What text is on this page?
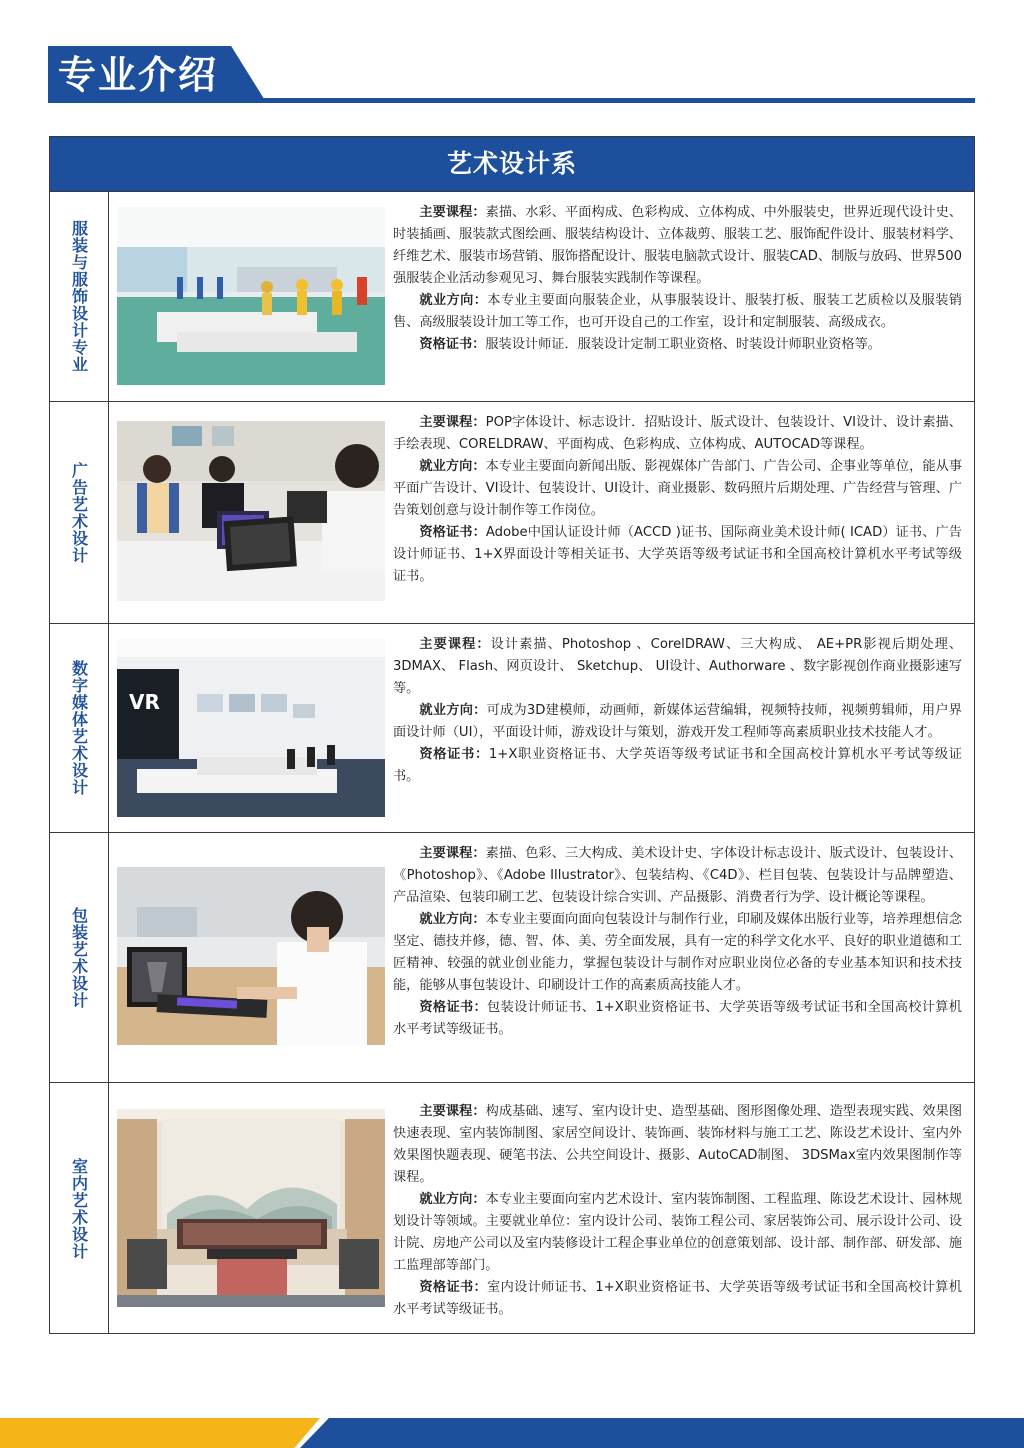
专业介绍
艺术设计系
服装与服饰设计专业

主要课程：素描、水彩、平面构成、色彩构成、立体构成、中外服装史，世界近现代设计史、时装插画、服装款式图绘画、服装结构设计、立体裁剪、服装工艺、服饰配件设计、服装材料学、纤维艺术、服装市场营销、服饰搭配设计、服装电脑款式设计、服装CAD、制版与放码、世界500强服装企业活动参观见习、舞台服装实践制作等课程。

就业方向：本专业主要面向服装企业，从事服装设计、服装打板、服装工艺质检以及服装销售、高级服装设计加工等工作，也可开设自己的工作室，设计和定制服装、高级成衣。

资格证书：服装设计师证．服装设计定制工职业资格、时装设计师职业资格等。

广告艺术设计

主要课程：POP字体设计、标志设计．招贴设计、版式设计、包装设计、VI设计、设计素描、手绘表现、CORELDRAW、平面构成、色彩构成、立体构成、AUTOCAD等课程。

就业方向：本专业主要面向新闻出版、影视媒体广告部门、广告公司、企事业等单位，能从事平面广告设计、VI设计、包装设计、UI设计、商业摄影、数码照片后期处理、广告经营与管理、广告策划创意与设计制作等工作岗位。

资格证书：Adobe中国认证设计师（ACCD )证书、国际商业美术设计师( ICAD）证书、广告设计师证书、1+X界面设计等相关证书、大学英语等级考试证书和全国高校计算机水平考试等级证书。

数字媒体艺术设计 VR

主要课程：设计素描、Photoshop 、CorelDRAW、三大构成、 AE+PR影视后期处理、3DMAX、 Flash、网页设计、 Sketchup、 UI设计、Authorware 、数字影视创作商业摄影速写等。

就业方向：可成为3D建模师，动画师，新媒体运营编辑，视频特技师，视频剪辑师，用户界面设计师（UI），平面设计师，游戏设计与策划，游戏开发工程师等高素质职业技术技能人才。

资格证书：1+X职业资格证书、大学英语等级考试证书和全国高校计算机水平考试等级证书。

包装艺术设计

主要课程：素描、色彩、三大构成、美术设计史、字体设计标志设计、版式设计、包装设计、《Photoshop》、《Adobe Illustrator》、包装结构、《C4D》、栏目包装、包装设计与品牌塑造、产品渲染、包装印刷工艺、包装设计综合实训、产品摄影、消费者行为学、设计概论等课程。

就业方向：本专业主要面向面向包装设计与制作行业，印刷及媒体出版行业等，培养理想信念坚定、德技并修，德、智、体、美、劳全面发展，具有一定的科学文化水平、良好的职业道德和工匠精神、较强的就业创业能力，掌握包装设计与制作对应职业岗位必备的专业基本知识和技术技能，能够从事包装设计、印刷设计工作的高素质高技能人才。

资格证书：包装设计师证书、1+X职业资格证书、大学英语等级考试证书和全国高校计算机水平考试等级证书。

室内艺术设计

主要课程：构成基础、速写、室内设计史、造型基础、图形图像处理、造型表现实践、效果图快速表现、室内装饰制图、家居空间设计、装饰画、装饰材料与施工工艺、陈设艺术设计、室内外效果图快题表现、硬笔书法、公共空间设计、摄影、AutoCAD制图、 3DSMax室内效果图制作等课程。

就业方向：本专业主要面向室内艺术设计、室内装饰制图、工程监理、陈设艺术设计、园林规划设计等领域。主要就业单位：室内设计公司、装饰工程公司、家居装饰公司、展示设计公司、设计院、房地产公司以及室内装修设计工程企事业单位的创意策划部、设计部、制作部、研发部、施工监理部等部门。

资格证书：室内设计师证书、1+X职业资格证书、大学英语等级考试证书和全国高校计算机水平考试等级证书。
